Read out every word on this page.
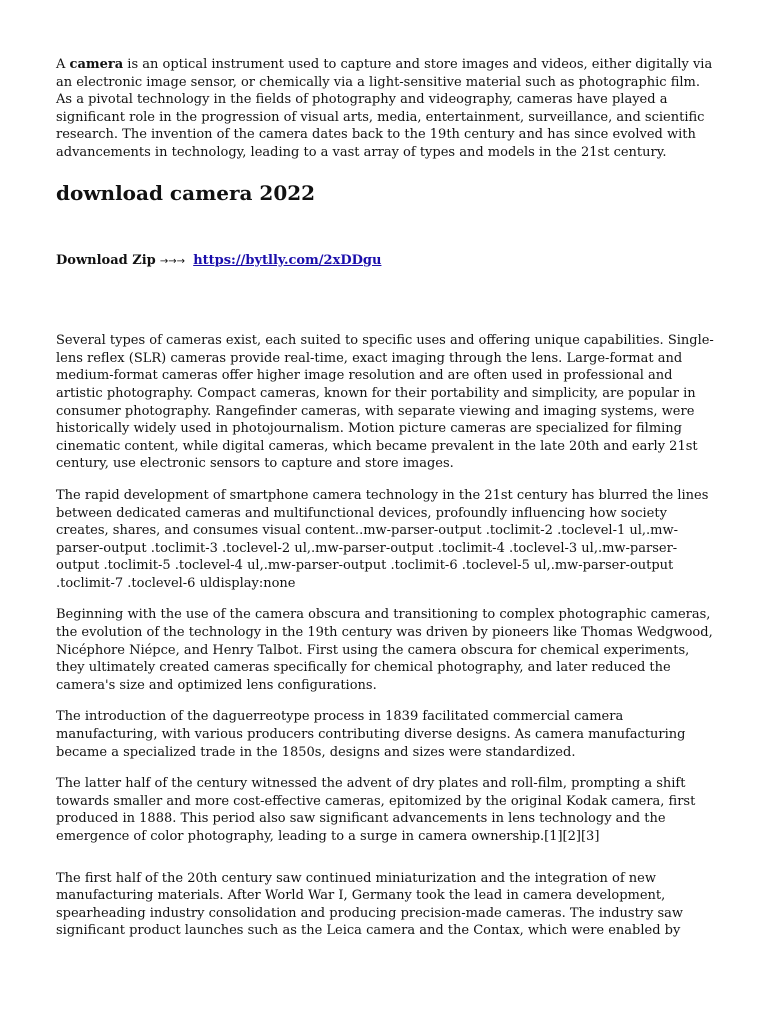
A camera is an optical instrument used to capture and store images and videos, either digitally via an electronic image sensor, or chemically via a light-sensitive material such as photographic film. As a pivotal technology in the fields of photography and videography, cameras have played a significant role in the progression of visual arts, media, entertainment, surveillance, and scientific research. The invention of the camera dates back to the 19th century and has since evolved with advancements in technology, leading to a vast array of types and models in the 21st century.

download camera 2022
Download Zip →→→ https://bytlly.com/2xDDgu

Several types of cameras exist, each suited to specific uses and offering unique capabilities. Single-lens reflex (SLR) cameras provide real-time, exact imaging through the lens. Large-format and medium-format cameras offer higher image resolution and are often used in professional and artistic photography. Compact cameras, known for their portability and simplicity, are popular in consumer photography. Rangefinder cameras, with separate viewing and imaging systems, were historically widely used in photojournalism. Motion picture cameras are specialized for filming cinematic content, while digital cameras, which became prevalent in the late 20th and early 21st century, use electronic sensors to capture and store images.

The rapid development of smartphone camera technology in the 21st century has blurred the lines between dedicated cameras and multifunctional devices, profoundly influencing how society creates, shares, and consumes visual content..mw-parser-output .toclimit-2 .toclevel-1 ul,.mw-parser-output .toclimit-3 .toclevel-2 ul,.mw-parser-output .toclimit-4 .toclevel-3 ul,.mw-parser-output .toclimit-5 .toclevel-4 ul,.mw-parser-output .toclimit-6 .toclevel-5 ul,.mw-parser-output .toclimit-7 .toclevel-6 uldisplay:none

Beginning with the use of the camera obscura and transitioning to complex photographic cameras, the evolution of the technology in the 19th century was driven by pioneers like Thomas Wedgwood, Nicéphore Niépce, and Henry Talbot. First using the camera obscura for chemical experiments, they ultimately created cameras specifically for chemical photography, and later reduced the camera's size and optimized lens configurations.

The introduction of the daguerreotype process in 1839 facilitated commercial camera manufacturing, with various producers contributing diverse designs. As camera manufacturing became a specialized trade in the 1850s, designs and sizes were standardized.

The latter half of the century witnessed the advent of dry plates and roll-film, prompting a shift towards smaller and more cost-effective cameras, epitomized by the original Kodak camera, first produced in 1888. This period also saw significant advancements in lens technology and the emergence of color photography, leading to a surge in camera ownership.[1][2][3]

The first half of the 20th century saw continued miniaturization and the integration of new manufacturing materials. After World War I, Germany took the lead in camera development, spearheading industry consolidation and producing precision-made cameras. The industry saw significant product launches such as the Leica camera and the Contax, which were enabled by
